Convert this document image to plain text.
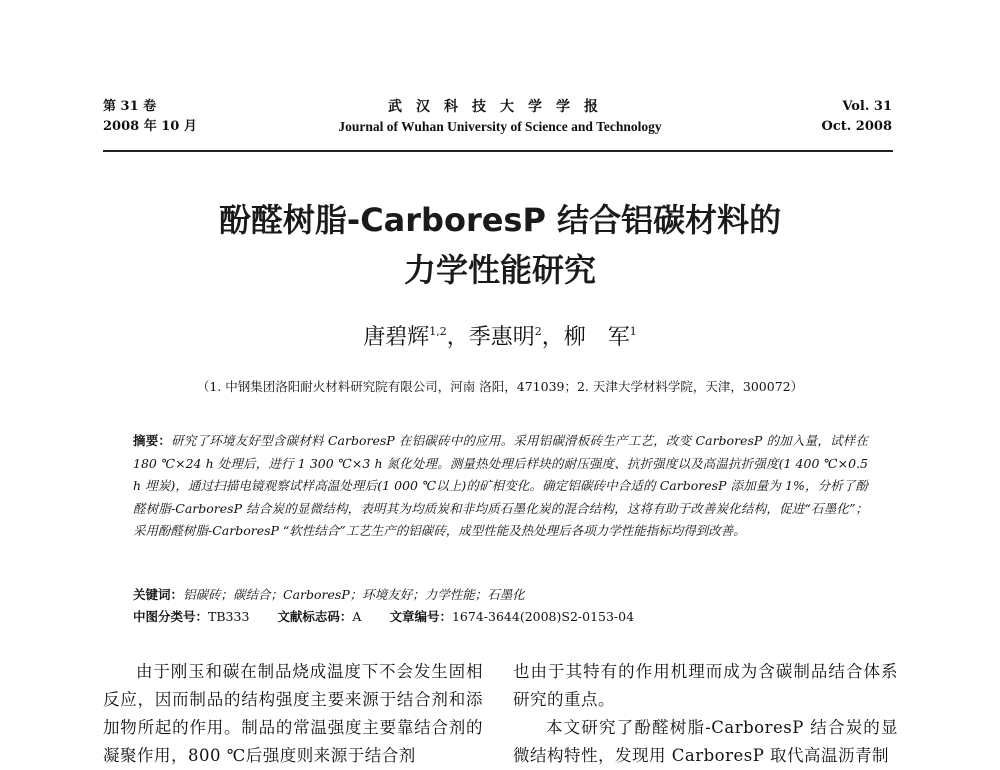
第 31 卷
2008 年 10 月
武汉科技大学学报
Journal of Wuhan University of Science and Technology
Vol. 31
Oct. 2008
酚醛树脂-CarboresP 结合铝碳材料的
力学性能研究
唐碧辉$^{1,2}$，季惠明$^2$，柳　军$^1$
（1. 中钢集团洛阳耐火材料研究院有限公司，河南 洛阳，471039；2. 天津大学材料学院，天津，300072）
摘要：研究了环境友好型含碳材料 CarboresP 在铝碳砖中的应用。采用铝碳滑板砖生产工艺，改变 CarboresP 的加入量，试样在 180 ℃×24 h 处理后，进行 1 300 ℃×3 h 氮化处理。测量热处理后样块的耐压强度、抗折强度以及高温抗折强度(1 400 ℃×0.5 h 埋炭)，通过扫描电镜观察试样高温处理后(1 000 ℃以上)的矿相变化。确定铝碳砖中合适的 CarboresP 添加量为 1%，分析了酚醛树脂-CarboresP 结合炭的显微结构，表明其为均质炭和非均质石墨化炭的混合结构，这将有助于改善炭化结构，促进“石墨化”；采用酚醛树脂-CarboresP “软性结合”工艺生产的铝碳砖，成型性能及热处理后各项力学性能指标均得到改善。
关键词：铝碳砖；碳结合；CarboresP；环境友好；力学性能；石墨化
中图分类号：TB333 文献标志码：A 文章编号：1674-3644(2008)S2-0153-04

由于刚玉和碳在制品烧成温度下不会发生固相反应，因而制品的结构强度主要来源于结合剂和添加物所起的作用。制品的常温强度主要靠结合剂的凝聚作用，800 ℃后强度则来源于结合剂

也由于其特有的作用机理而成为含碳制品结合体系研究的重点。

本文研究了酚醛树脂-CarboresP 结合炭的显微结构特性，发现用 CarboresP 取代高温沥青制
